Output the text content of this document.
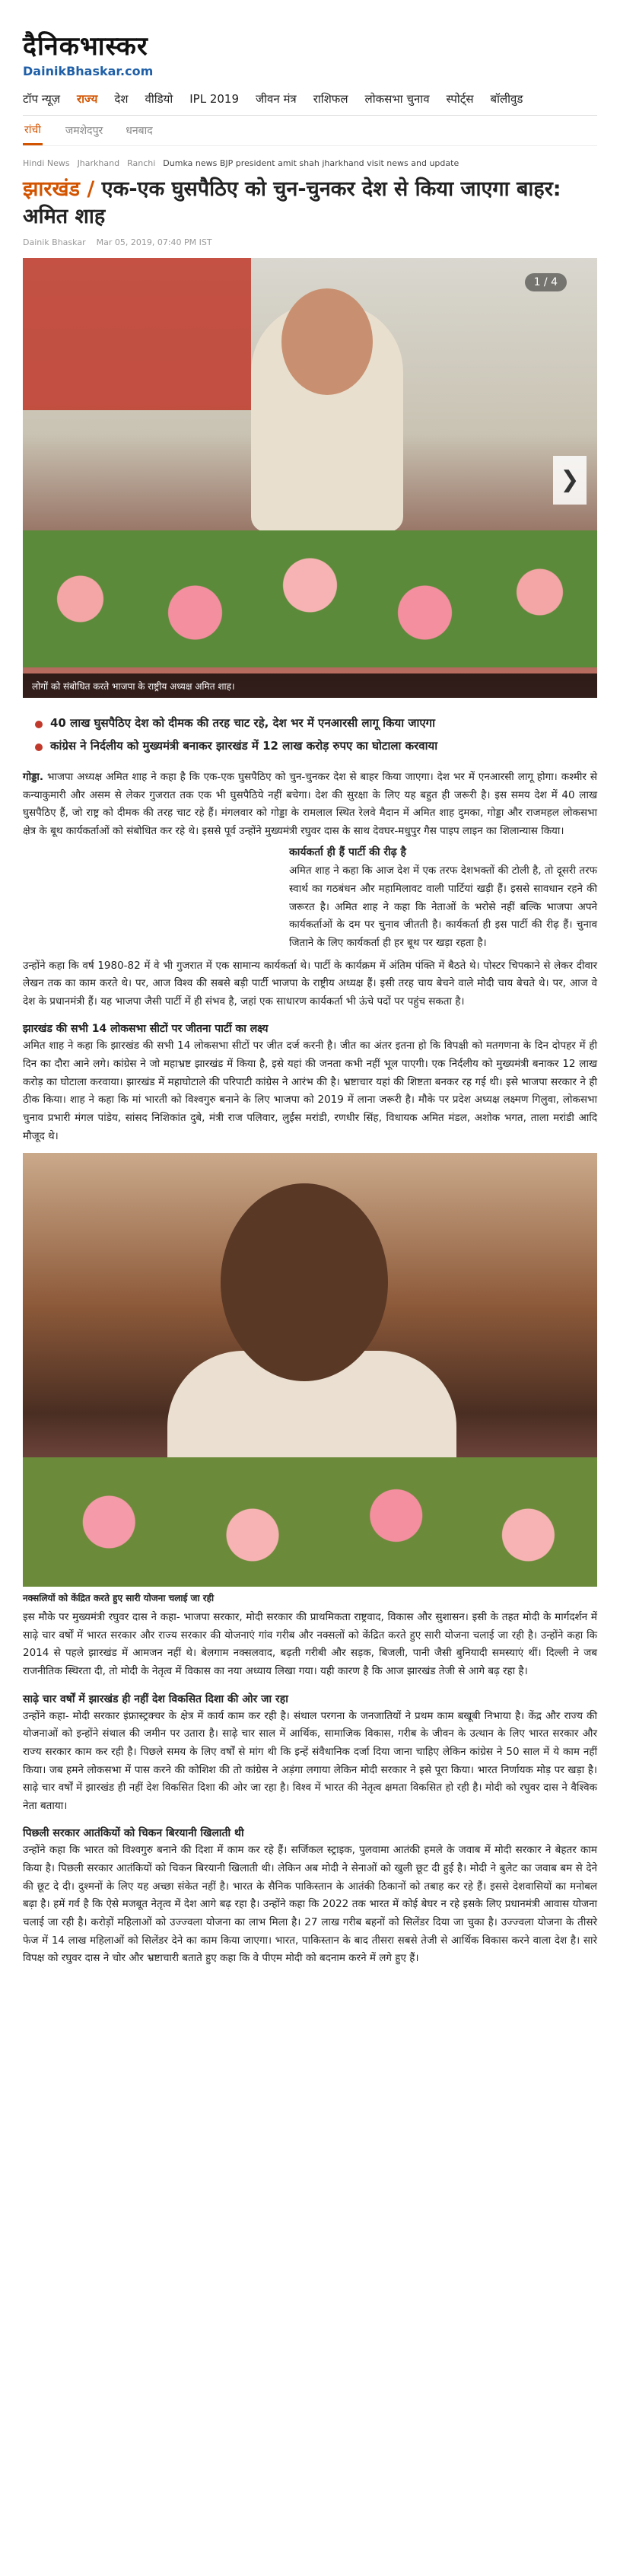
दैनिकभास्कर
DainikBhaskar.com
टॉप न्यूज़ राज्य देश वीडियो IPL 2019 जीवन मंत्र राशिफल लोकसभा चुनाव स्पोर्ट्स बॉलीवुड
रांची जमशेदपुर धनबाद
Hindi News Jharkhand Ranchi Dumka news BJP president amit shah jharkhand visit news and update
झारखंड / एक-एक घुसपैठिए को चुन-चुनकर देश से किया जाएगा बाहर: अमित शाह
Dainik Bhaskar Mar 05, 2019, 07:40 PM IST
1 / 4
❯
लोगों को संबोधित करते भाजपा के राष्ट्रीय अध्यक्ष अमित शाह।
40 लाख घुसपैठिए देश को दीमक की तरह चाट रहे, देश भर में एनआरसी लागू किया जाएगा
कांग्रेस ने निर्दलीय को मुख्यमंत्री बनाकर झारखंड में 12 लाख करोड़ रुपए का घोटाला करवाया

गोड्डा. भाजपा अध्यक्ष अमित शाह ने कहा है कि एक-एक घुसपैठिए को चुन-चुनकर देश से बाहर किया जाएगा। देश भर में एनआरसी लागू होगा। कश्मीर से कन्याकुमारी और असम से लेकर गुजरात तक एक भी घुसपैठिये नहीं बचेगा। देश की सुरक्षा के लिए यह बहुत ही जरूरी है। इस समय देश में 40 लाख घुसपैठिए हैं, जो राष्ट्र को दीमक की तरह चाट रहे हैं। मंगलवार को गोड्डा के रामलाल स्थित रेलवे मैदान में अमित शाह दुमका, गोड्डा और राजमहल लोकसभा क्षेत्र के बूथ कार्यकर्ताओं को संबोधित कर रहे थे। इससे पूर्व उन्होंने मुख्यमंत्री रघुवर दास के साथ देवघर-मधुपुर गैस पाइप लाइन का शिलान्यास किया।

कार्यकर्ता ही हैं पार्टी की रीढ़ है

अमित शाह ने कहा कि आज देश में एक तरफ देशभक्तों की टोली है, तो दूसरी तरफ स्वार्थ का गठबंधन और महामिलावट वाली पार्टियां खड़ी हैं। इससे सावधान रहने की जरूरत है। अमित शाह ने कहा कि नेताओं के भरोसे नहीं बल्कि भाजपा अपने कार्यकर्ताओं के दम पर चुनाव जीतती है। कार्यकर्ता ही इस पार्टी की रीढ़ हैं। चुनाव जिताने के लिए कार्यकर्ता ही हर बूथ पर खड़ा रहता है।

उन्होंने कहा कि वर्ष 1980-82 में वे भी गुजरात में एक सामान्य कार्यकर्ता थे। पार्टी के कार्यक्रम में अंतिम पंक्ति में बैठते थे। पोस्टर चिपकाने से लेकर दीवार लेखन तक का काम करते थे। पर, आज विश्व की सबसे बड़ी पार्टी भाजपा के राष्ट्रीय अध्यक्ष हैं। इसी तरह चाय बेचने वाले मोदी चाय बेचते थे। पर, आज वे देश के प्रधानमंत्री हैं। यह भाजपा जैसी पार्टी में ही संभव है, जहां एक साधारण कार्यकर्ता भी ऊंचे पदों पर पहुंच सकता है।

झारखंड की सभी 14 लोकसभा सीटों पर जीतना पार्टी का लक्ष्य

अमित शाह ने कहा कि झारखंड की सभी 14 लोकसभा सीटों पर जीत दर्ज करनी है। जीत का अंतर इतना हो कि विपक्षी को मतगणना के दिन दोपहर में ही दिन का दौरा आने लगे। कांग्रेस ने जो महाभ्रष्ट झारखंड में किया है, इसे यहां की जनता कभी नहीं भूल पाएगी। एक निर्दलीय को मुख्यमंत्री बनाकर 12 लाख करोड़ का घोटाला करवाया। झारखंड में महाघोटाले की परिपाटी कांग्रेस ने आरंभ की है। भ्रष्टाचार यहां की शिष्टता बनकर रह गई थी। इसे भाजपा सरकार ने ही ठीक किया। शाह ने कहा कि मां भारती को विश्वगुरु बनाने के लिए भाजपा को 2019 में लाना जरूरी है। मौके पर प्रदेश अध्यक्ष लक्ष्मण गिलुवा, लोकसभा चुनाव प्रभारी मंगल पांडेय, सांसद निशिकांत दुबे, मंत्री राज पलिवार, लुईस मरांडी, रणधीर सिंह, विधायक अमित मंडल, अशोक भगत, ताला मरांडी आदि मौजूद थे।

नक्सलियों को केंद्रित करते हुए सारी योजना चलाई जा रही

इस मौके पर मुख्यमंत्री रघुवर दास ने कहा- भाजपा सरकार, मोदी सरकार की प्राथमिकता राष्ट्रवाद, विकास और सुशासन। इसी के तहत मोदी के मार्गदर्शन में साढ़े चार वर्षों में भारत सरकार और राज्य सरकार की योजनाएं गांव गरीब और नक्सलों को केंद्रित करते हुए सारी योजना चलाई जा रही है। उन्होंने कहा कि 2014 से पहले झारखंड में आमजन नहीं थे। बेलगाम नक्सलवाद, बढ़ती गरीबी और सड़क, बिजली, पानी जैसी बुनियादी समस्याएं थीं। दिल्ली ने जब राजनीतिक स्थिरता दी, तो मोदी के नेतृत्व में विकास का नया अध्याय लिखा गया। यही कारण है कि आज झारखंड तेजी से आगे बढ़ रहा है।

साढ़े चार वर्षों में झारखंड ही नहीं देश विकसित दिशा की ओर जा रहा

उन्होंने कहा- मोदी सरकार इंफ्रास्ट्रक्चर के क्षेत्र में कार्य काम कर रही है। संथाल परगना के जनजातियों ने प्रथम काम बखूबी निभाया है। केंद्र और राज्य की योजनाओं को इन्होंने संथाल की जमीन पर उतारा है। साढ़े चार साल में आर्थिक, सामाजिक विकास, गरीब के जीवन के उत्थान के लिए भारत सरकार और राज्य सरकार काम कर रही है। पिछले समय के लिए वर्षों से मांग थी कि इन्हें संवैधानिक दर्जा दिया जाना चाहिए लेकिन कांग्रेस ने 50 साल में ये काम नहीं किया। जब हमने लोकसभा में पास करने की कोशिश की तो कांग्रेस ने अड़ंगा लगाया लेकिन मोदी सरकार ने इसे पूरा किया। भारत निर्णायक मोड़ पर खड़ा है। साढ़े चार वर्षों में झारखंड ही नहीं देश विकसित दिशा की ओर जा रहा है। विश्व में भारत की नेतृत्व क्षमता विकसित हो रही है। मोदी को रघुवर दास ने वैश्विक नेता बताया।

पिछली सरकार आतंकियों को चिकन बिरयानी खिलाती थी

उन्होंने कहा कि भारत को विश्वगुरु बनाने की दिशा में काम कर रहे हैं। सर्जिकल स्ट्राइक, पुलवामा आतंकी हमले के जवाब में मोदी सरकार ने बेहतर काम किया है। पिछली सरकार आतंकियों को चिकन बिरयानी खिलाती थी। लेकिन अब मोदी ने सेनाओं को खुली छूट दी हुई है। मोदी ने बुलेट का जवाब बम से देने की छूट दे दी। दुश्मनों के लिए यह अच्छा संकेत नहीं है। भारत के सैनिक पाकिस्तान के आतंकी ठिकानों को तबाह कर रहे हैं। इससे देशवासियों का मनोबल बढ़ा है। हमें गर्व है कि ऐसे मजबूत नेतृत्व में देश आगे बढ़ रहा है। उन्होंने कहा कि 2022 तक भारत में कोई बेघर न रहे इसके लिए प्रधानमंत्री आवास योजना चलाई जा रही है। करोड़ों महिलाओं को उज्ज्वला योजना का लाभ मिला है। 27 लाख गरीब बहनों को सिलेंडर दिया जा चुका है। उज्ज्वला योजना के तीसरे फेज में 14 लाख महिलाओं को सिलेंडर देने का काम किया जाएगा। भारत, पाकिस्तान के बाद तीसरा सबसे तेजी से आर्थिक विकास करने वाला देश है। सारे विपक्ष को रघुवर दास ने चोर और भ्रष्टाचारी बताते हुए कहा कि वे पीएम मोदी को बदनाम करने में लगे हुए हैं।
